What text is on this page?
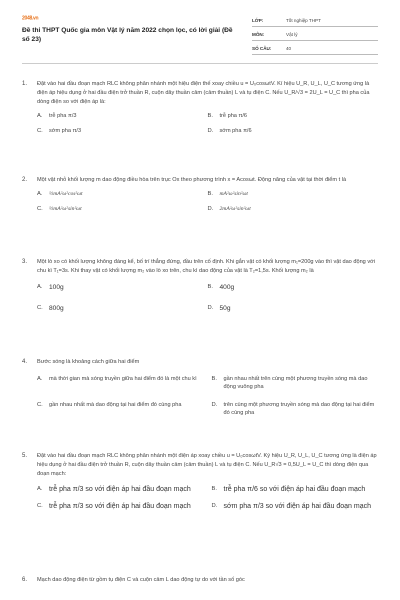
2048.vn
Đề thi THPT Quốc gia môn Vật lý năm 2022 chọn lọc, có lời giải (Đề số 23)
LỚP:	Tốt nghiệp THPT
MÔN:	Vật lý
SỐ CÂU:	40
1.	Đặt vào hai đầu đoạn mạch RLC không phân nhánh một hiệu điện thế xoay chiều u = U₀cosωtV. Kí hiệu U_R, U_L, U_C tương ứng là điện áp hiệu dụng ở hai đầu điện trở thuần R, cuộn dây thuần cảm (cảm thuần) L và tụ điện C. Nếu U_R/√3 = 2U_L = U_C thì pha của dòng điện so với điện áp là:
A.	trễ pha π/3	B.	trễ pha π/6
C.	sớm pha π/3	D.	sớm pha π/6
2.	Một vật nhỏ khối lượng m dao động điều hòa trên trục Ox theo phương trình x = Acosωt. Động năng của vật tại thời điểm t là
A.	½mA²ω²cos²ωt	B.	mA²ω²sin²ωt
C.	½mA²ω²sin²ωt	D.	2mA²ω²sin²ωt
3.	Một lò xo có khối lượng không đáng kể, bố trí thẳng đứng, đầu trên cố định. Khi gắn vật có khối lượng m₁=200g vào thì vật dao động với chu kì T₁=3s. Khi thay vật có khối lượng m₂ vào lò xo trên, chu kì dao động của vật là T₂=1,5s. Khối lượng m₂ là
A. 100g	B. 400g
C. 800g	D. 50g
4.	Bước sóng là khoảng cách giữa hai điểm
A.	mà thời gian mà sóng truyền giữa hai điểm đó là một chu kì	B.	gần nhau nhất trên cùng một phương truyền sóng mà dao động vuông pha
C.	gần nhau nhất mà dao động tại hai điểm đó cùng pha	D.	trên cùng một phương truyền sóng mà dao động tại hai điểm đó cùng pha
5.	Đặt vào hai đầu đoạn mạch RLC không phân nhánh một điện áp xoay chiều u = U₀cosωtV. Ký hiệu U_R, U_L, U_C tương ứng là điện áp hiệu dụng ở hai đầu điện trở thuần R, cuộn dây thuần cảm (cảm thuần) L và tụ điện C. Nếu U_R√3 = 0,5U_L = U_C thì dòng điện qua đoạn mạch:
A. trễ pha π/3 so với điện áp hai đầu đoạn mạch	B. trễ pha π/6 so với điện áp hai đầu đoạn mạch
C. trễ pha π/3 so với điện áp hai đầu đoạn mạch	D. sớm pha π/3 so với điện áp hai đầu đoạn mạch
6.	Mạch dao động điện từ gồm tụ điện C và cuộn cảm L dao động tự do với tần số góc
